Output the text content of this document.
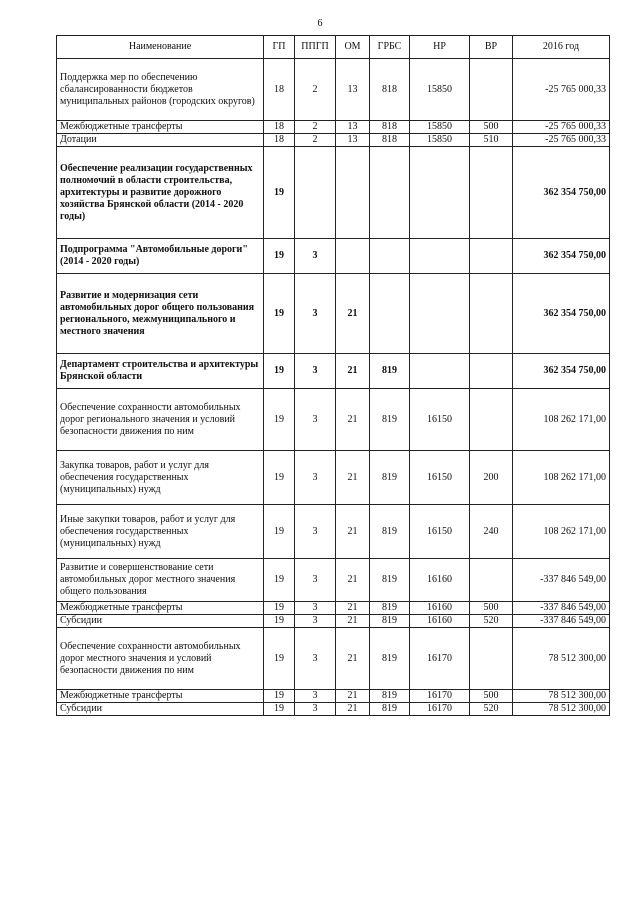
6
Наименование	ГП	ППГП	ОМ	ГРБС	НР	ВР	2016 год
Поддержка мер по обеспечению сбалансированности бюджетов муниципальных районов (городских округов)	18	2	13	818	15850		-25 765 000,33
Межбюджетные трансферты	18	2	13	818	15850	500	-25 765 000,33
Дотации	18	2	13	818	15850	510	-25 765 000,33
Обеспечение реализации государственных полномочий в области строительства, архитектуры и развитие дорожного хозяйства Брянской области (2014 - 2020 годы)	19						362 354 750,00
Подпрограмма "Автомобильные дороги" (2014 - 2020 годы)	19	3					362 354 750,00
Развитие и модернизация сети автомобильных дорог общего пользования регионального, межмуниципального и местного значения	19	3	21				362 354 750,00
Департамент строительства и архитектуры Брянской области	19	3	21	819			362 354 750,00
Обеспечение сохранности автомобильных дорог регионального значения и условий безопасности движения по ним	19	3	21	819	16150		108 262 171,00
Закупка товаров, работ и услуг для обеспечения государственных (муниципальных) нужд	19	3	21	819	16150	200	108 262 171,00
Иные закупки товаров, работ и услуг для обеспечения государственных (муниципальных) нужд	19	3	21	819	16150	240	108 262 171,00
Развитие и совершенствование сети автомобильных дорог местного значения общего пользования	19	3	21	819	16160		-337 846 549,00
Межбюджетные трансферты	19	3	21	819	16160	500	-337 846 549,00
Субсидии	19	3	21	819	16160	520	-337 846 549,00
Обеспечение сохранности автомобильных дорог местного значения и условий безопасности движения по ним	19	3	21	819	16170		78 512 300,00
Межбюджетные трансферты	19	3	21	819	16170	500	78 512 300,00
Субсидии	19	3	21	819	16170	520	78 512 300,00
